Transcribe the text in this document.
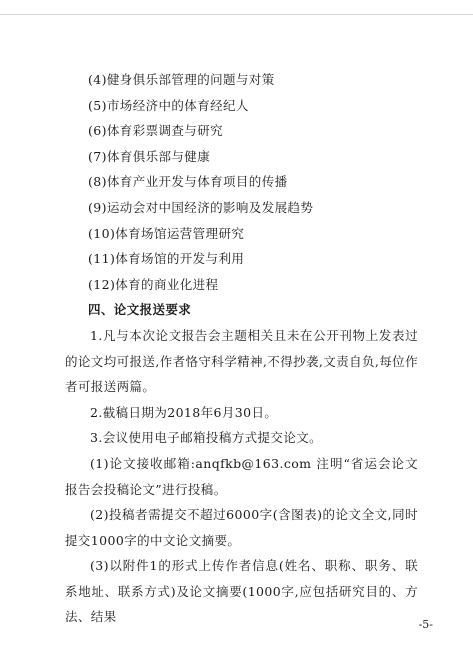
(4)健身俱乐部管理的问题与对策

(5)市场经济中的体育经纪人

(6)体育彩票调查与研究

(7)体育俱乐部与健康

(8)体育产业开发与体育项目的传播

(9)运动会对中国经济的影响及发展趋势

(10)体育场馆运营管理研究

(11)体育场馆的开发与利用

(12)体育的商业化进程

四、论文报送要求

1.凡与本次论文报告会主题相关且未在公开刊物上发表过的论文均可报送,作者恪守科学精神,不得抄袭,文责自负,每位作者可报送两篇。

2.截稿日期为2018年6月30日。

3.会议使用电子邮箱投稿方式提交论文。

(1)论文接收邮箱:anqfkb@163.com 注明“省运会论文报告会投稿论文”进行投稿。

(2)投稿者需提交不超过6000字(含图表)的论文全文,同时提交1000字的中文论文摘要。

(3)以附件1的形式上传作者信息(姓名、职称、职务、联系地址、联系方式)及论文摘要(1000字,应包括研究目的、方法、结果

-5-
